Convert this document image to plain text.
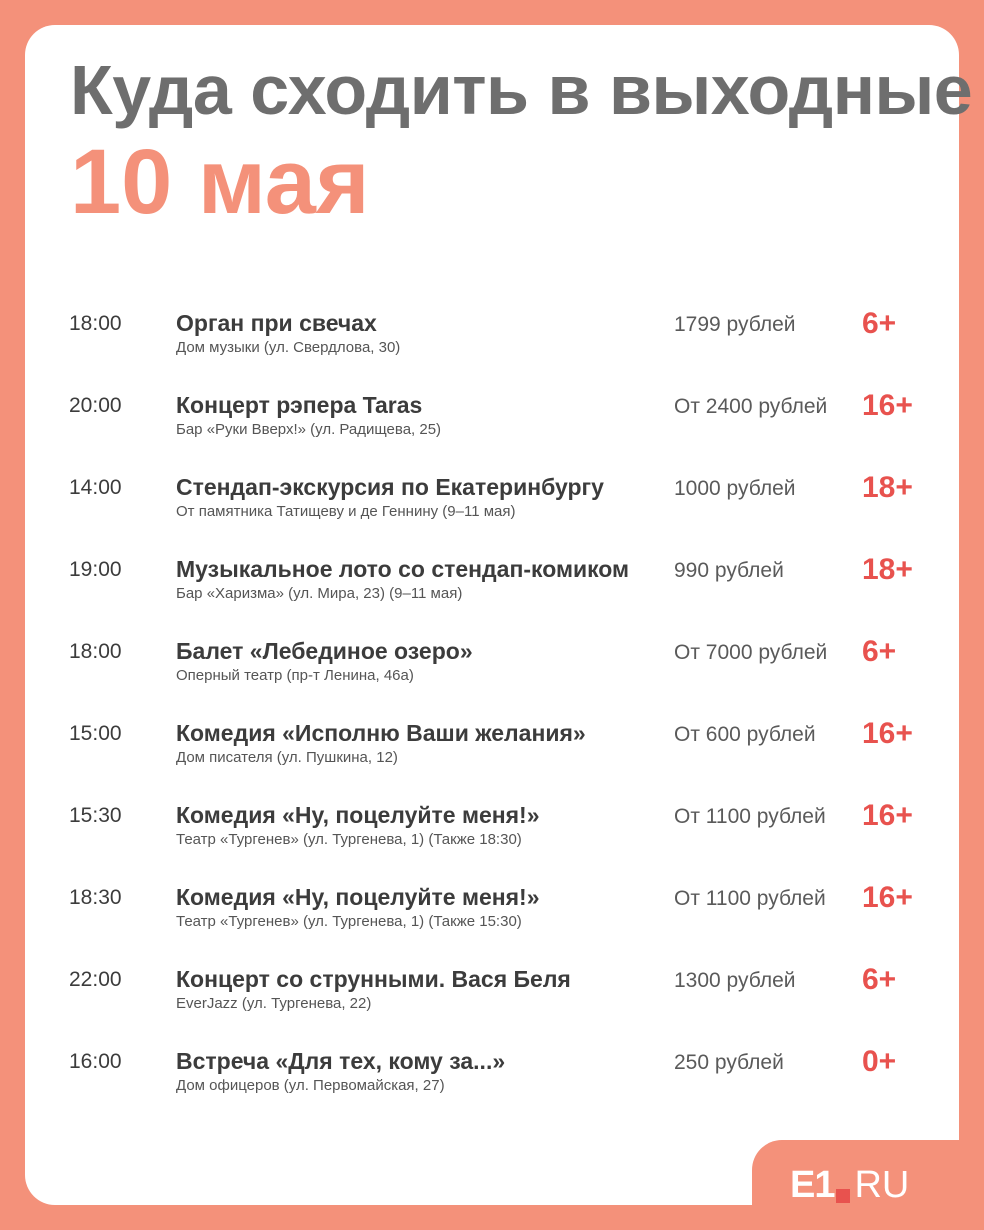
Куда сходить в выходные
10 мая
18:00 Орган при свечах
Дом музыки (ул. Свердлова, 30)
1799 рублей 6+
20:00 Концерт рэпера Taras
Бар «Руки Вверх!» (ул. Радищева, 25)
От 2400 рублей 16+
14:00 Стендап-экскурсия по Екатеринбургу
От памятника Татищеву и де Геннину (9–11 мая)
1000 рублей 18+
19:00 Музыкальное лото со стендап-комиком
Бар «Харизма» (ул. Мира, 23) (9–11 мая)
990 рублей	18+
18:00 Балет «Лебединое озеро»
Оперный театр (пр-т Ленина, 46а)
От 7000 рублей 6+
15:00 Комедия «Исполню Ваши желания»
Дом писателя (ул. Пушкина, 12)
От 600 рублей 16+
15:30 Комедия «Ну, поцелуйте меня!»
Театр «Тургенев» (ул. Тургенева, 1) (Также 18:30)
От 1100 рублей 16+
18:30 Комедия «Ну, поцелуйте меня!»
Театр «Тургенев» (ул. Тургенева, 1) (Также 15:30)
От 1100 рублей 16+
22:00 Концерт со струнными. Вася Беля
EverJazz (ул. Тургенева, 22)
1300 рублей 6+
16:00 Встреча «Для тех, кому за...»
Дом офицеров (ул. Первомайская, 27)
250 рублей	0+
E1 RU
